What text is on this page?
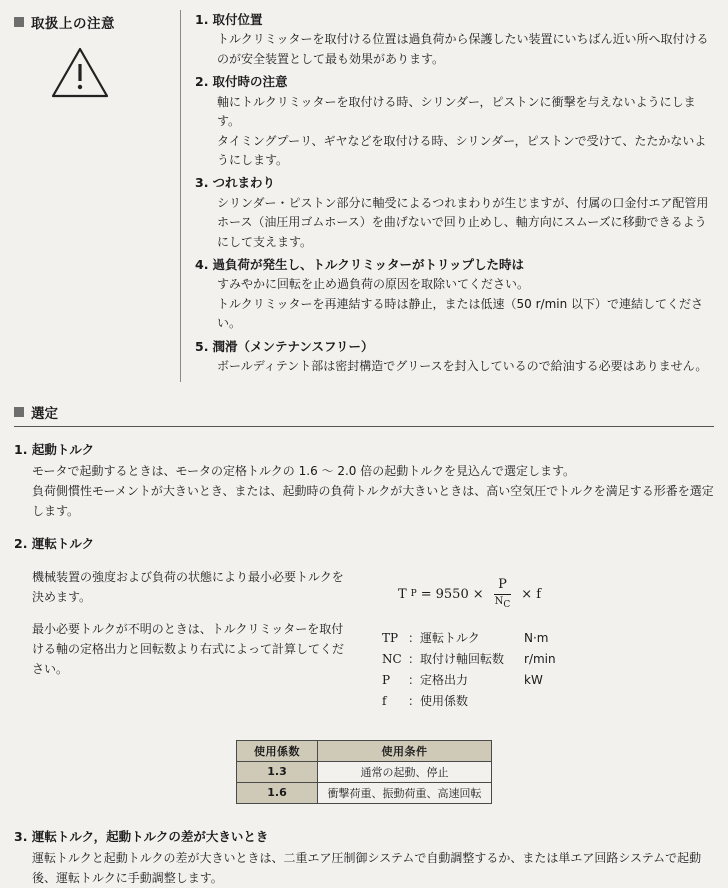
取扱上の注意	1. 取付位置

トルクリミッターを取付ける位置は過負荷から保護したい装置にいちばん近い所へ取付けるのが安全装置として最も効果があります。

2. 取付時の注意

軸にトルクリミッターを取付ける時、シリンダー，ピストンに衝撃を与えないようにします。

タイミングプーリ、ギヤなどを取付ける時、シリンダー，ピストンで受けて、たたかないようにします。

3. つれまわり

シリンダー・ピストン部分に軸受によるつれまわりが生じますが、付属の口金付エア配管用ホース（油圧用ゴムホース）を曲げないで回り止めし、軸方向にスムーズに移動できるようにして支えます。

4. 過負荷が発生し、トルクリミッターがトリップした時は

すみやかに回転を止め過負荷の原因を取除いてください。

トルクリミッターを再連結する時は静止，または低速（50 r/min 以下）で連結してください。

5. 潤滑（メンテナンスフリー）

ボールディテント部は密封構造でグリースを封入しているので給油する必要はありません。

選定
1. 起動トルク

モータで起動するときは、モータの定格トルクの 1.6 ～ 2.0 倍の起動トルクを見込んで選定します。

負荷側慣性モーメントが大きいとき、または、起動時の負荷トルクが大きいときは、高い空気圧でトルクを満足する形番を選定します。

2. 運転トルク

機械装置の強度および負荷の状態により最小必要トルクを決めます。

最小必要トルクが不明のときは、トルクリミッターを取付ける軸の定格出力と回転数より右式によって計算してください。

T $P = 9550 \times \frac{P}{NC} \times f$
TP ： 運転トルク	N·m
NC ： 取付け軸回転数	r/min
P	： 定格出力	kW
f	： 使用係数
使用係数	使用条件
1.3	通常の起動、停止
1.6	衝撃荷重、振動荷重、高速回転
3. 運転トルク，起動トルクの差が大きいとき

運転トルクと起動トルクの差が大きいときは、二重エア圧制御システムで自動調整するか、または単エア回路システムで起動後、運転トルクに手動調整します。
